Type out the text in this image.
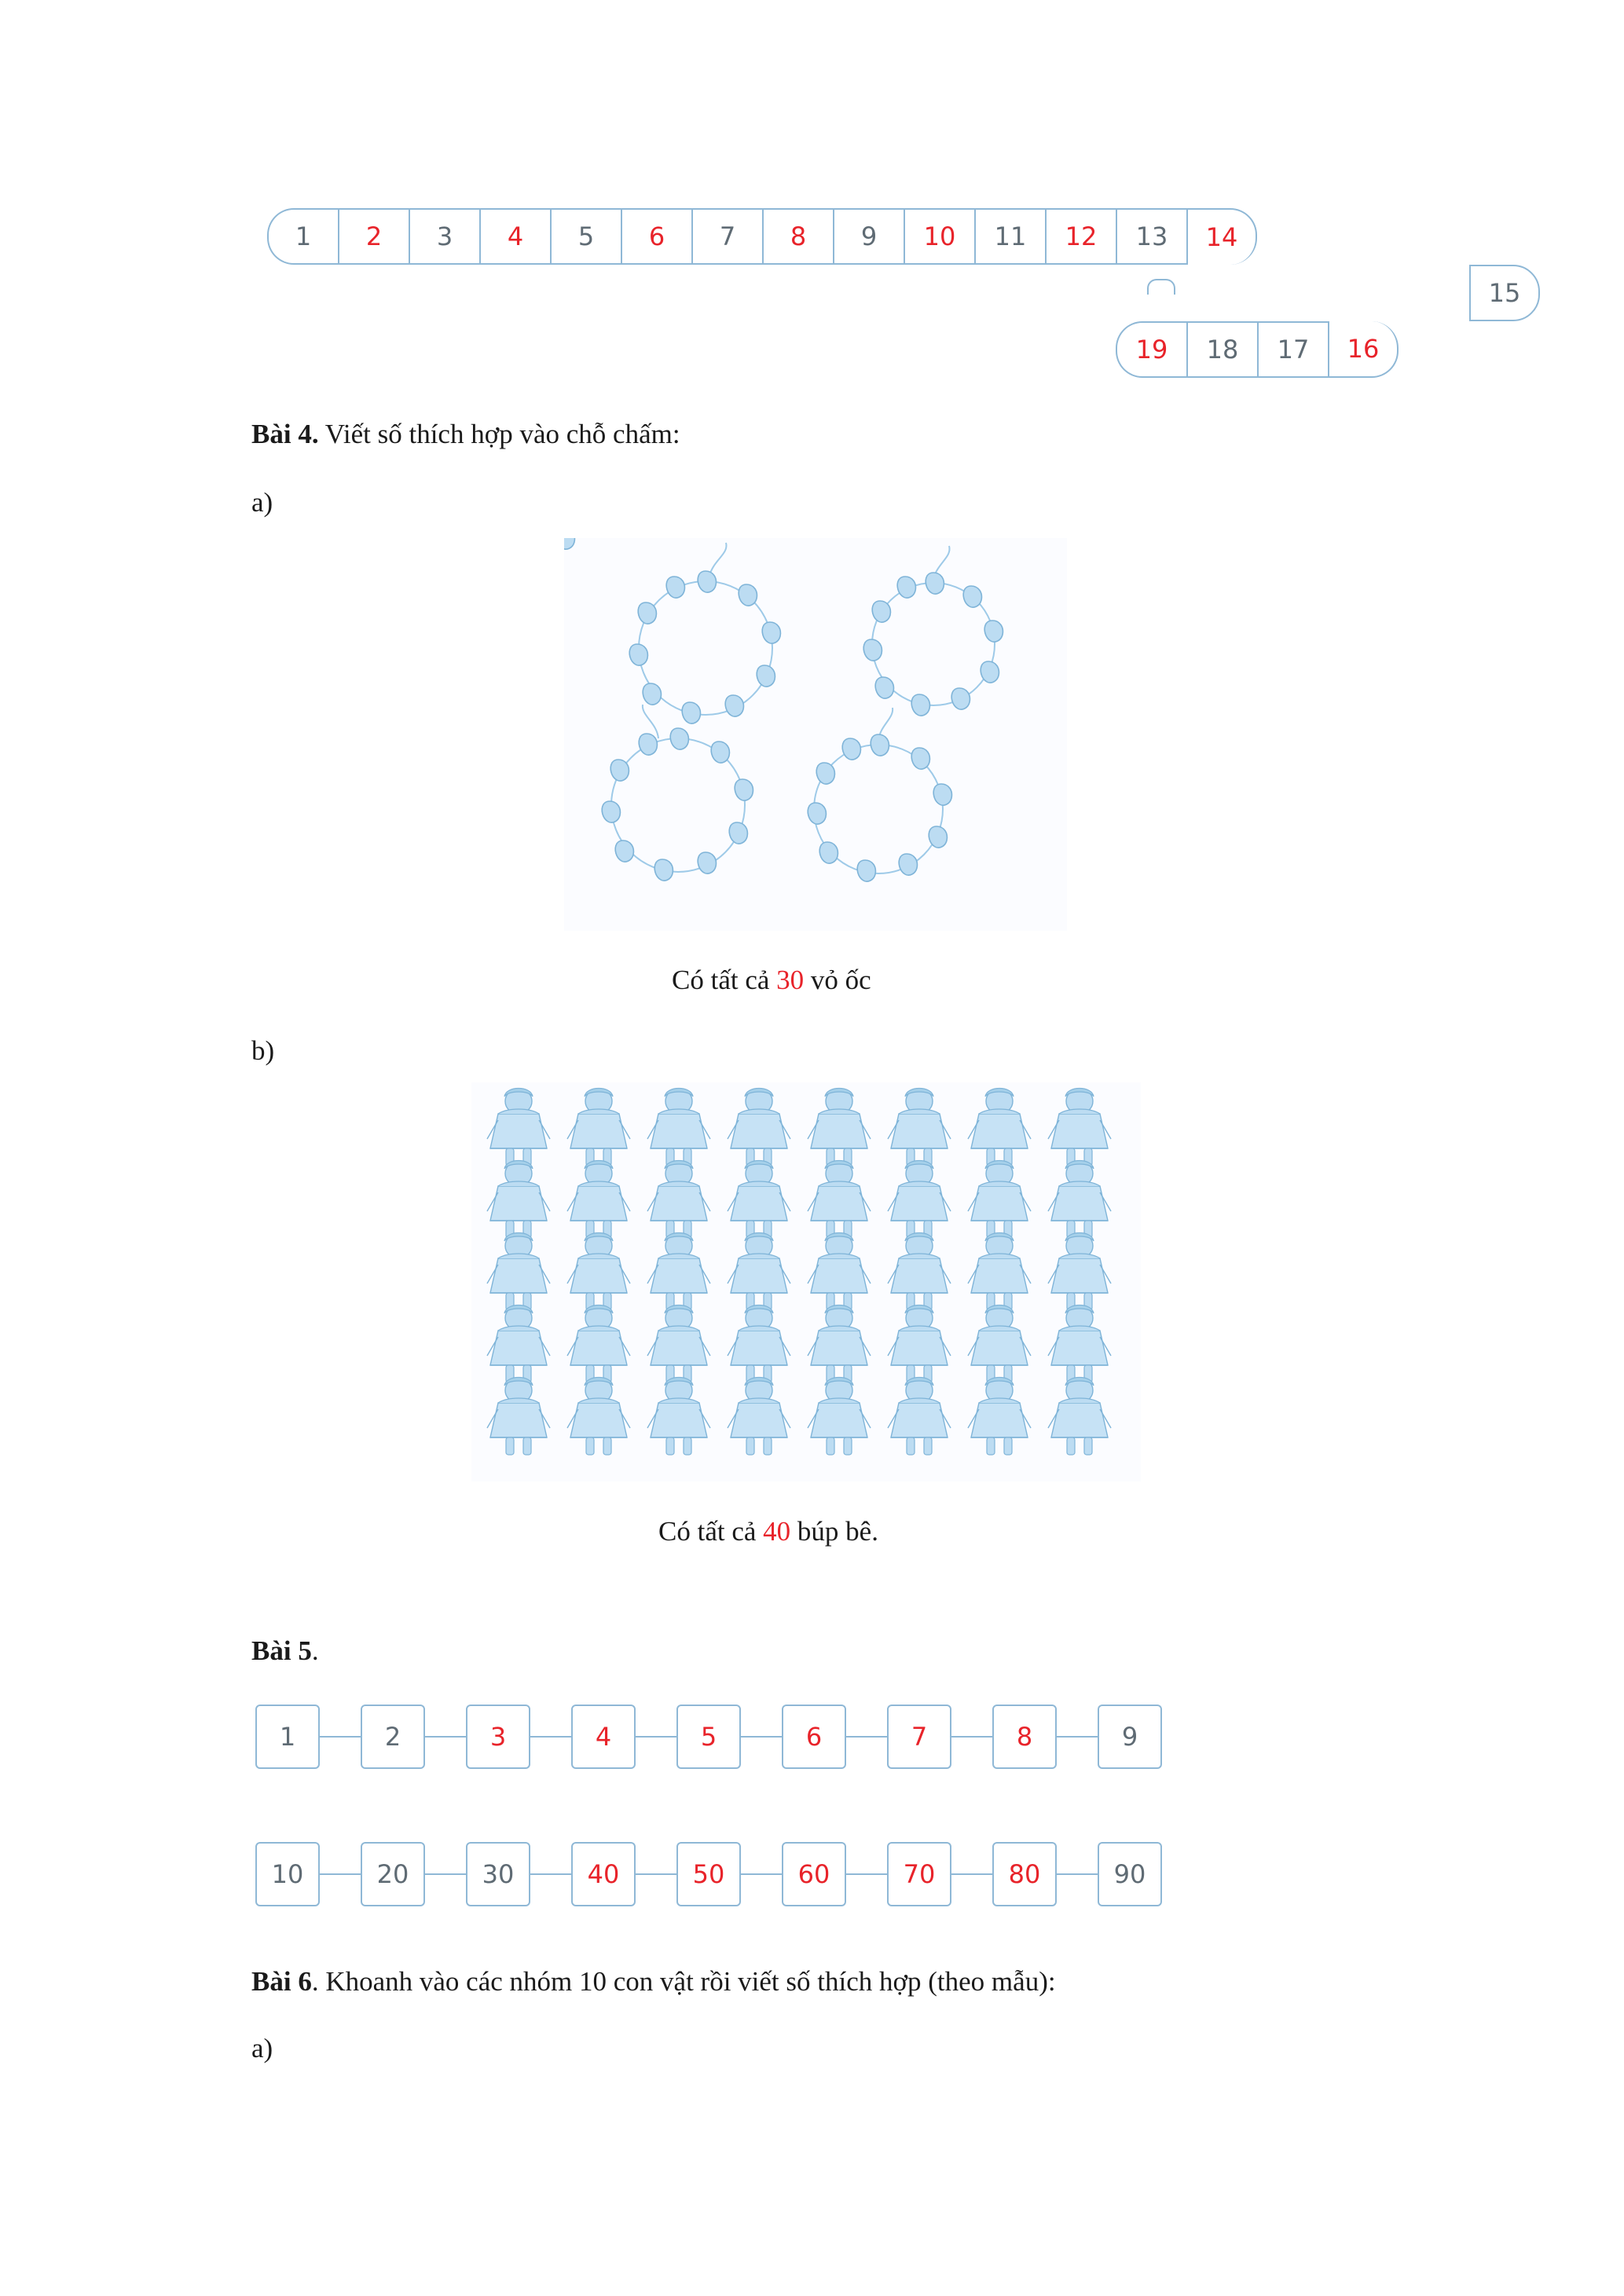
1	2	3	4	5	6	7	8	9	10	11	12	13	14
15
19	18	17	16
Bài 4. Viết số thích hợp vào chỗ chấm:
a)
Có tất cả 30 vỏ ốc
b)
Có tất cả 40 búp bê.
Bài 5.
1	2	3	4	5	6	7	8	9
10	20	30	40	50	60	70	80	90
Bài 6. Khoanh vào các nhóm 10 con vật rồi viết số thích hợp (theo mẫu):
a)
